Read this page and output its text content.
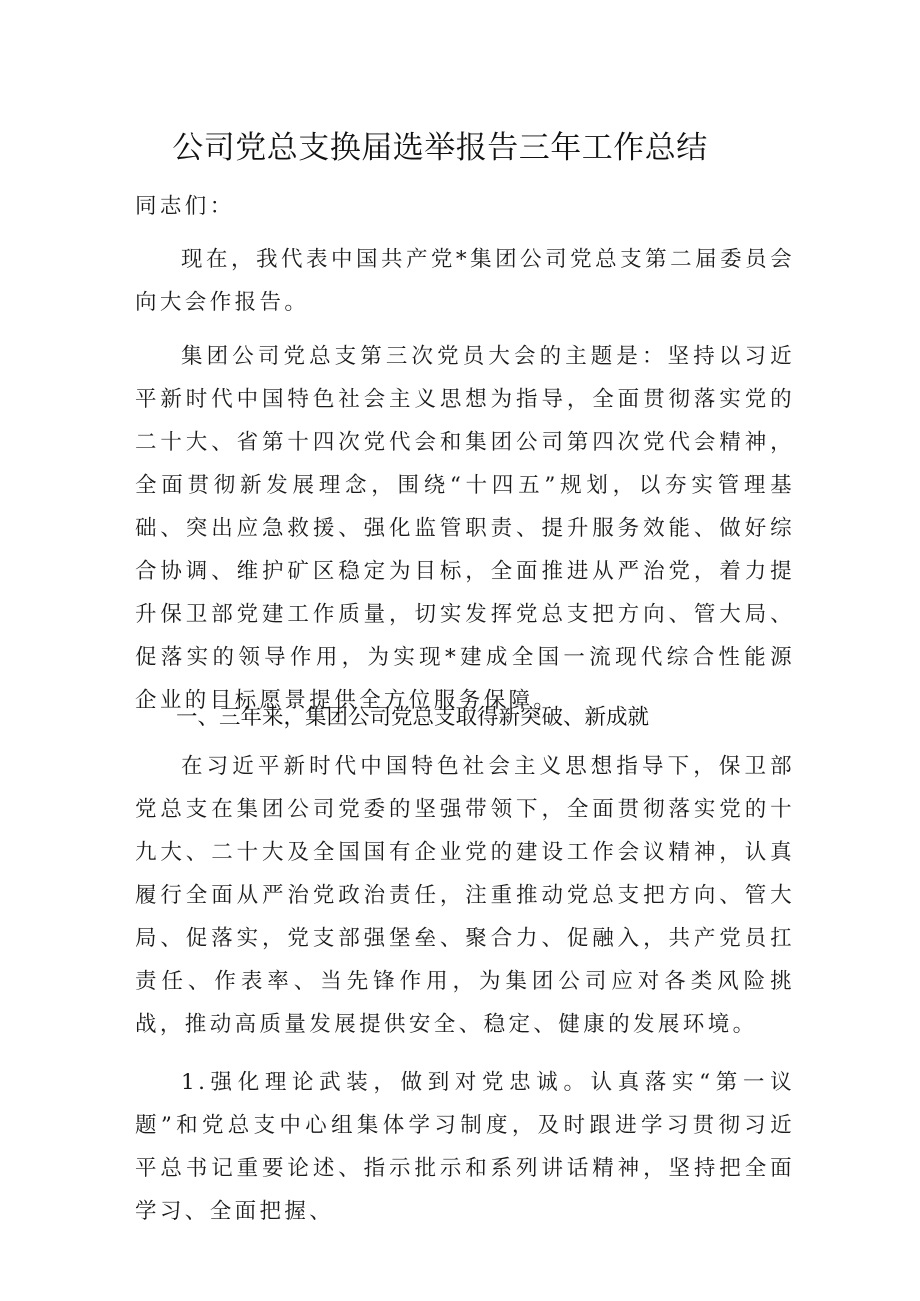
公司党总支换届选举报告三年工作总结

同志们：

现在，我代表中国共产党*集团公司党总支第二届委员会向大会作报告。

集团公司党总支第三次党员大会的主题是：坚持以习近平新时代中国特色社会主义思想为指导，全面贯彻落实党的二十大、省第十四次党代会和集团公司第四次党代会精神，全面贯彻新发展理念，围绕“十四五”规划，以夯实管理基础、突出应急救援、强化监管职责、提升服务效能、做好综合协调、维护矿区稳定为目标，全面推进从严治党，着力提升保卫部党建工作质量，切实发挥党总支把方向、管大局、促落实的领导作用，为实现*建成全国一流现代综合性能源企业的目标愿景提供全方位服务保障。

一、三年来，集团公司党总支取得新突破、新成就

在习近平新时代中国特色社会主义思想指导下，保卫部党总支在集团公司党委的坚强带领下，全面贯彻落实党的十九大、二十大及全国国有企业党的建设工作会议精神，认真履行全面从严治党政治责任，注重推动党总支把方向、管大局、促落实，党支部强堡垒、聚合力、促融入，共产党员扛责任、作表率、当先锋作用，为集团公司应对各类风险挑战，推动高质量发展提供安全、稳定、健康的发展环境。

1.强化理论武装，做到对党忠诚。认真落实“第一议题”和党总支中心组集体学习制度，及时跟进学习贯彻习近平总书记重要论述、指示批示和系列讲话精神，坚持把全面学习、全面把握、
